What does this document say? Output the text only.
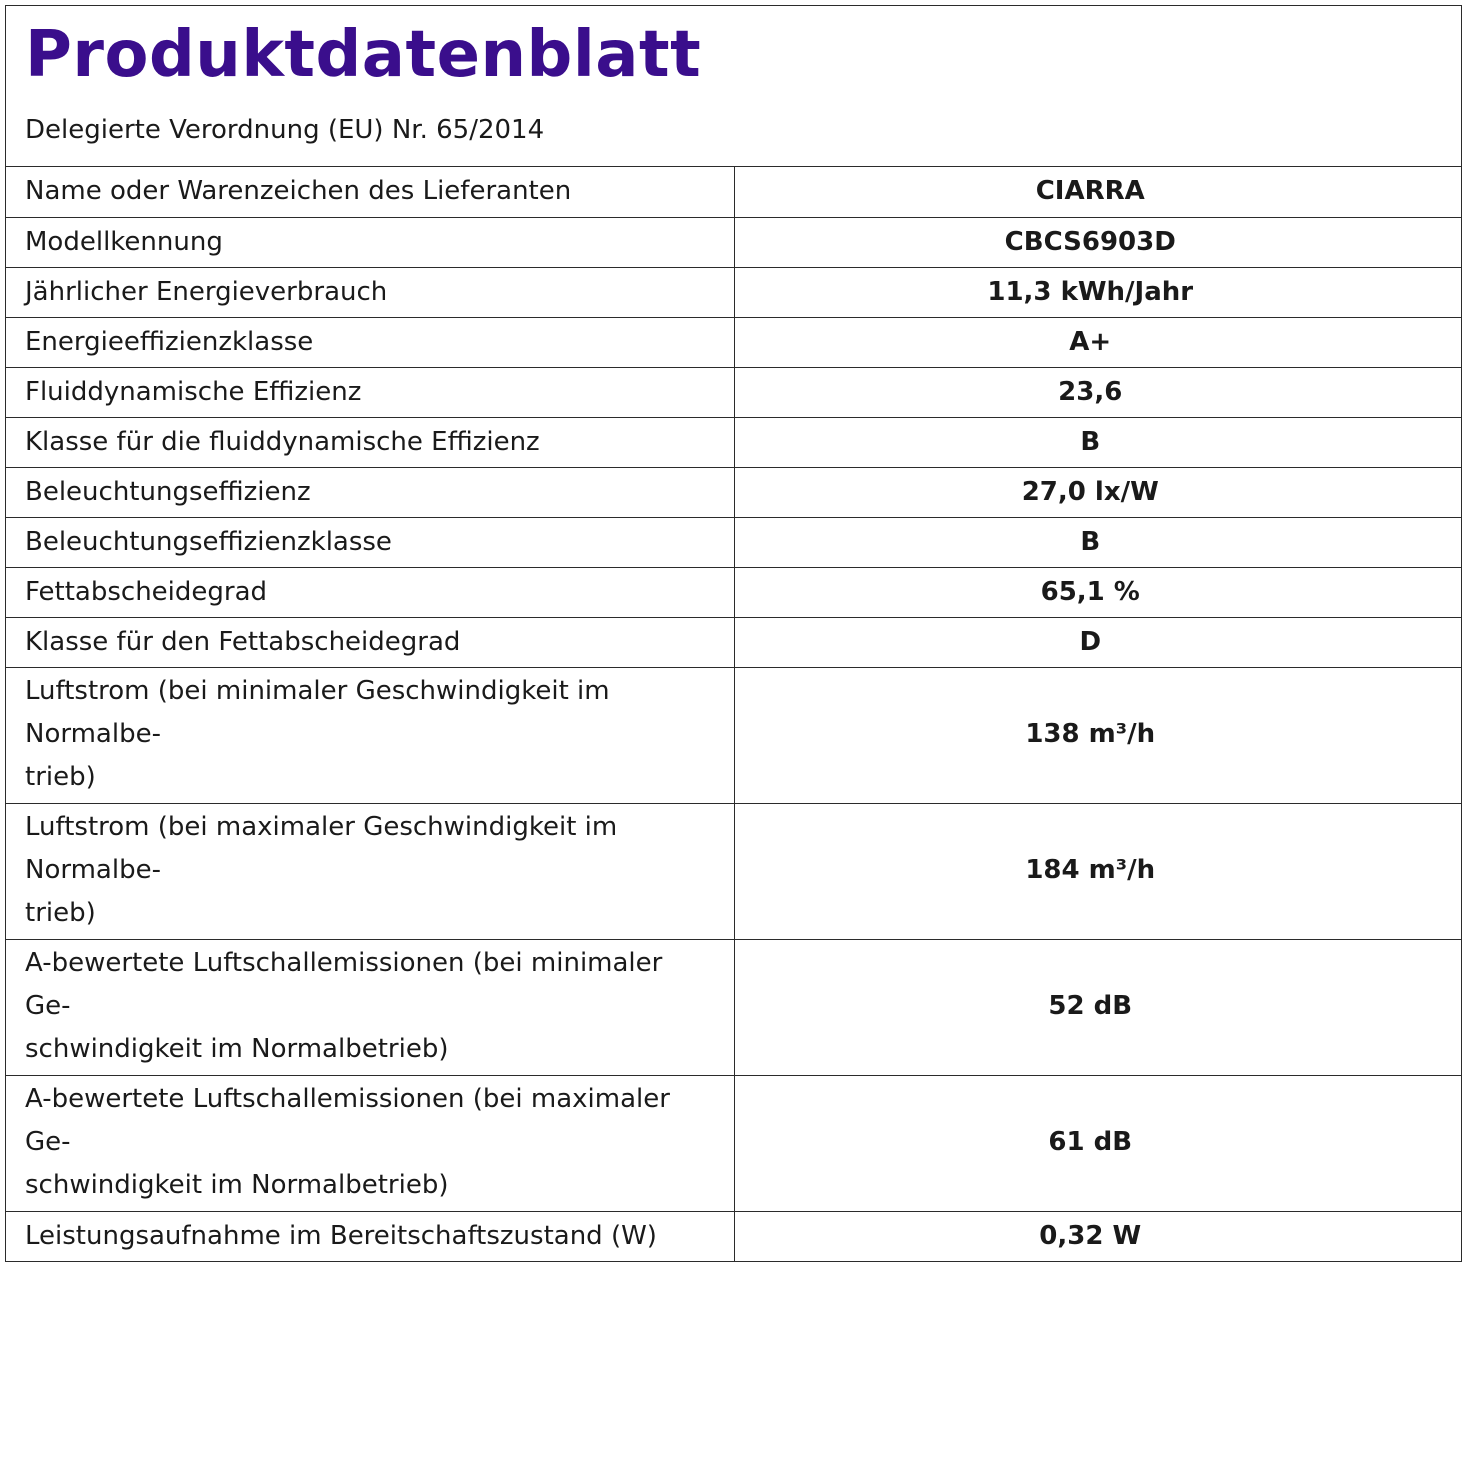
Produktdatenblatt

Delegierte Verordnung (EU) Nr. 65/2014

Name oder Warenzeichen des Lieferanten	CIARRA
Modellkennung	CBCS6903D
Jährlicher Energieverbrauch	11,3 kWh/Jahr
Energieeffizienzklasse	A+
Fluiddynamische Effizienz	23,6
Klasse für die fluiddynamische Effizienz	B
Beleuchtungseffizienz	27,0 lx/W
Beleuchtungseffizienzklasse	B
Fettabscheidegrad	65,1 %
Klasse für den Fettabscheidegrad	D
Luftstrom (bei minimaler Geschwindigkeit im Normalbe-
trieb)	138 m³/h
Luftstrom (bei maximaler Geschwindigkeit im Normalbe-
trieb)	184 m³/h
A-bewertete Luftschallemissionen (bei minimaler Ge-
schwindigkeit im Normalbetrieb)	52 dB
A-bewertete Luftschallemissionen (bei maximaler Ge-
schwindigkeit im Normalbetrieb)	61 dB
Leistungsaufnahme im Bereitschaftszustand (W)	0,32 W
